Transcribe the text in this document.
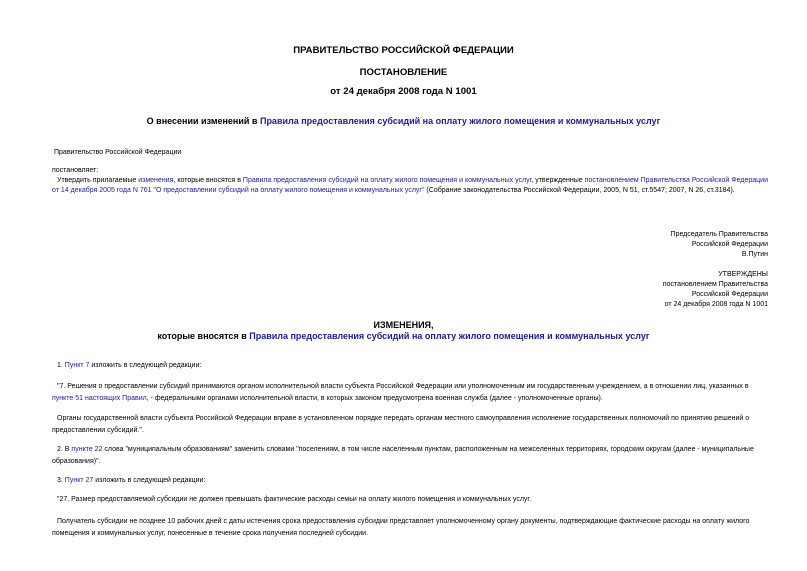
ПРАВИТЕЛЬСТВО РОССИЙСКОЙ ФЕДЕРАЦИИ
ПОСТАНОВЛЕНИЕ
от 24 декабря 2008 года N 1001
О внесении изменений в Правила предоставления субсидий на оплату жилого помещения и коммунальных услуг
Правительство Российской Федерации
постановляет:
Утвердить прилагаемые изменения, которые вносятся в Правила предоставления субсидий на оплату жилого помещения и коммунальных услуг, утвержденные постановлением Правительства Российской Федерации от 14 декабря 2005 года N 761 "О предоставлении субсидий на оплату жилого помещения и коммунальных услуг" (Собрание законодательства Российской Федерации, 2005, N 51, ст.5547; 2007, N 26, ст.3184).
Председатель Правительства
Российской Федерации
В.Путин
УТВЕРЖДЕНЫ
постановлением Правительства
Российской Федерации
от 24 декабря 2008 года N 1001
ИЗМЕНЕНИЯ,
которые вносятся в Правила предоставления субсидий на оплату жилого помещения и коммунальных услуг
1. Пункт 7 изложить в следующей редакции:
"7. Решения о предоставлении субсидий принимаются органом исполнительной власти субъекта Российской Федерации или уполномоченным им государственным учреждением, а в отношении лиц, указанных в пункте 51 настоящих Правил, - федеральными органами исполнительной власти, в которых законом предусмотрена военная служба (далее - уполномоченные органы).
Органы государственной власти субъекта Российской Федерации вправе в установленном порядке передать органам местного самоуправления исполнение государственных полномочий по принятию решений о предоставлении субсидий.".
2. В пункте 22 слова "муниципальным образованиям" заменить словами "поселениям, в том числе населенным пунктам, расположенным на межселенных территориях, городским округам (далее - муниципальные образования)".
3. Пункт 27 изложить в следующей редакции:
"27. Размер предоставляемой субсидии не должен превышать фактические расходы семьи на оплату жилого помещения и коммунальных услуг.
Получатель субсидии не позднее 10 рабочих дней с даты истечения срока предоставления субсидии представляет уполномоченному органу документы, подтверждающие фактические расходы на оплату жилого помещения и коммунальных услуг, понесенные в течение срока получения последней субсидии.
